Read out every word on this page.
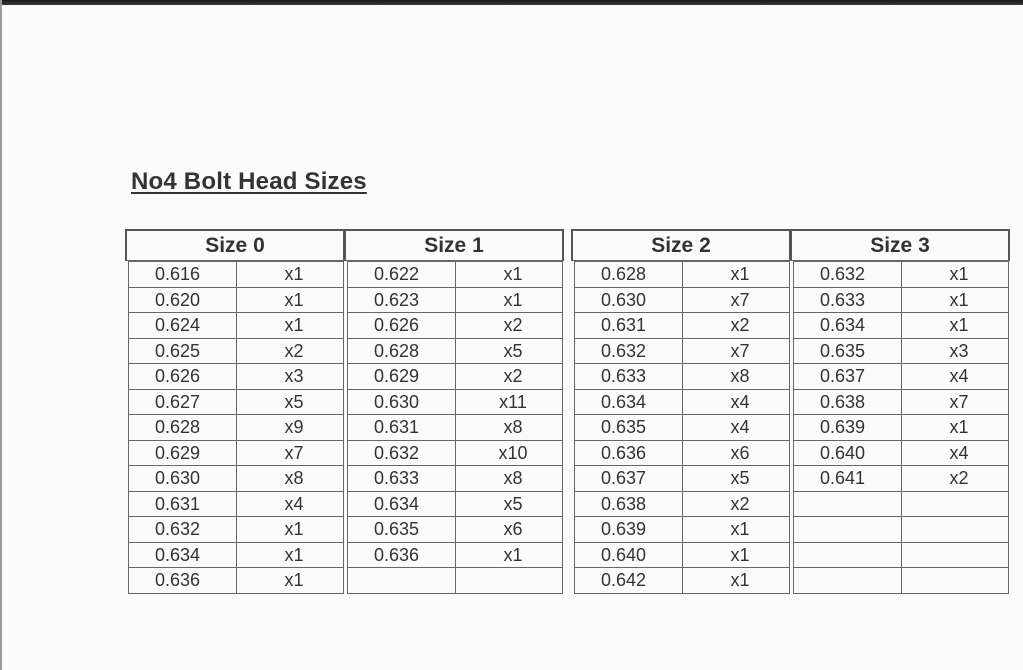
No4 Bolt Head Sizes
Size 0
0.616	x1
0.620	x1
0.624	x1
0.625	x2
0.626	x3
0.627	x5
0.628	x9
0.629	x7
0.630	x8
0.631	x4
0.632	x1
0.634	x1
0.636	x1
Size 1
0.622	x1
0.623	x1
0.626	x2
0.628	x5
0.629	x2
0.630	x11
0.631	x8
0.632	x10
0.633	x8
0.634	x5
0.635	x6
0.636	x1

Size 2
0.628	x1
0.630	x7
0.631	x2
0.632	x7
0.633	x8
0.634	x4
0.635	x4
0.636	x6
0.637	x5
0.638	x2
0.639	x1
0.640	x1
0.642	x1
Size 3
0.632	x1
0.633	x1
0.634	x1
0.635	x3
0.637	x4
0.638	x7
0.639	x1
0.640	x4
0.641	x2
